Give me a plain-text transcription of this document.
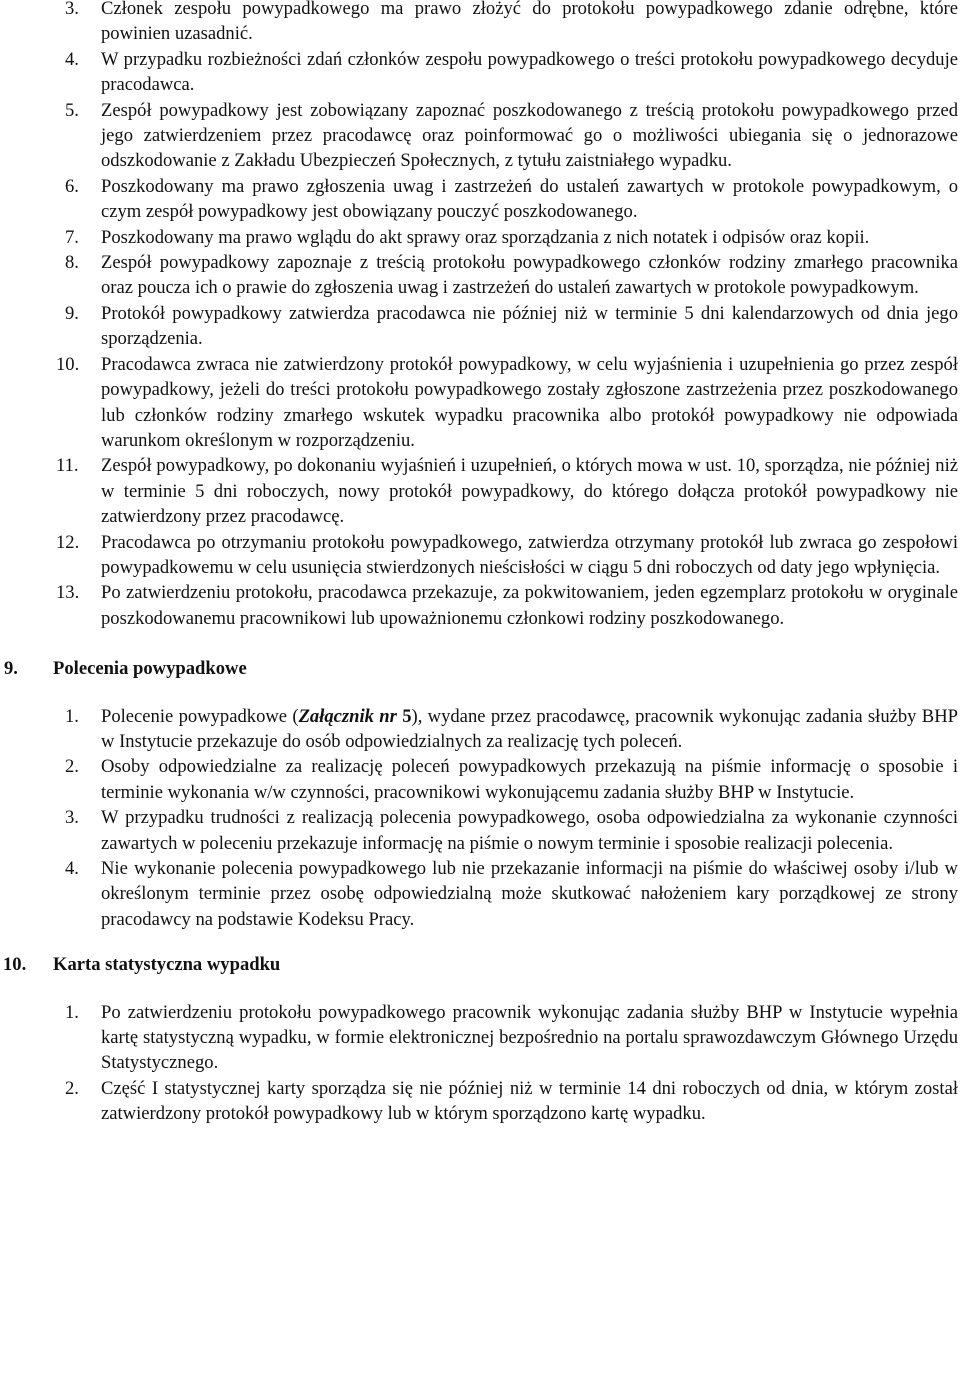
3. Członek zespołu powypadkowego ma prawo złożyć do protokołu powypadkowego zdanie odrębne, które powinien uzasadnić.
4. W przypadku rozbieżności zdań członków zespołu powypadkowego o treści protokołu powypadkowego decyduje pracodawca.
5. Zespół powypadkowy jest zobowiązany zapoznać poszkodowanego z treścią protokołu powypadkowego przed jego zatwierdzeniem przez pracodawcę oraz poinformować go o możliwości ubiegania się o jednorazowe odszkodowanie z Zakładu Ubezpieczeń Społecznych, z tytułu zaistniałego wypadku.
6. Poszkodowany ma prawo zgłoszenia uwag i zastrzeżeń do ustaleń zawartych w protokole powypadkowym, o czym zespół powypadkowy jest obowiązany pouczyć poszkodowanego.
7. Poszkodowany ma prawo wglądu do akt sprawy oraz sporządzania z nich notatek i odpisów oraz kopii.
8. Zespół powypadkowy zapoznaje z treścią protokołu powypadkowego członków rodziny zmarłego pracownika oraz poucza ich o prawie do zgłoszenia uwag i zastrzeżeń do ustaleń zawartych w protokole powypadkowym.
9. Protokół powypadkowy zatwierdza pracodawca nie później niż w terminie 5 dni kalendarzowych od dnia jego sporządzenia.
10. Pracodawca zwraca nie zatwierdzony protokół powypadkowy, w celu wyjaśnienia i uzupełnienia go przez zespół powypadkowy, jeżeli do treści protokołu powypadkowego zostały zgłoszone zastrzeżenia przez poszkodowanego lub członków rodziny zmarłego wskutek wypadku pracownika albo protokół powypadkowy nie odpowiada warunkom określonym w rozporządzeniu.
11. Zespół powypadkowy, po dokonaniu wyjaśnień i uzupełnień, o których mowa w ust. 10, sporządza, nie później niż w terminie 5 dni roboczych, nowy protokół powypadkowy, do którego dołącza protokół powypadkowy nie zatwierdzony przez pracodawcę.
12. Pracodawca po otrzymaniu protokołu powypadkowego, zatwierdza otrzymany protokół lub zwraca go zespołowi powypadkowemu w celu usunięcia stwierdzonych nieścisłości w ciągu 5 dni roboczych od daty jego wpłynięcia.
13. Po zatwierdzeniu protokołu, pracodawca przekazuje, za pokwitowaniem, jeden egzemplarz protokołu w oryginale poszkodowanemu pracownikowi lub upoważnionemu członkowi rodziny poszkodowanego.
9. Polecenia powypadkowe
1. Polecenie powypadkowe (Załącznik nr 5), wydane przez pracodawcę, pracownik wykonując zadania służby BHP w Instytucie przekazuje do osób odpowiedzialnych za realizację tych poleceń.
2. Osoby odpowiedzialne za realizację poleceń powypadkowych przekazują na piśmie informację o sposobie i terminie wykonania w/w czynności, pracownikowi wykonującemu zadania służby BHP w Instytucie.
3. W przypadku trudności z realizacją polecenia powypadkowego, osoba odpowiedzialna za wykonanie czynności zawartych w poleceniu przekazuje informację na piśmie o nowym terminie i sposobie realizacji polecenia.
4. Nie wykonanie polecenia powypadkowego lub nie przekazanie informacji na piśmie do właściwej osoby i/lub w określonym terminie przez osobę odpowiedzialną może skutkować nałożeniem kary porządkowej ze strony pracodawcy na podstawie Kodeksu Pracy.
10. Karta statystyczna wypadku
1. Po zatwierdzeniu protokołu powypadkowego pracownik wykonując zadania służby BHP w Instytucie wypełnia kartę statystyczną wypadku, w formie elektronicznej bezpośrednio na portalu sprawozdawczym Głównego Urzędu Statystycznego.
2. Część I statystycznej karty sporządza się nie później niż w terminie 14 dni roboczych od dnia, w którym został zatwierdzony protokół powypadkowy lub w którym sporządzono kartę wypadku.
